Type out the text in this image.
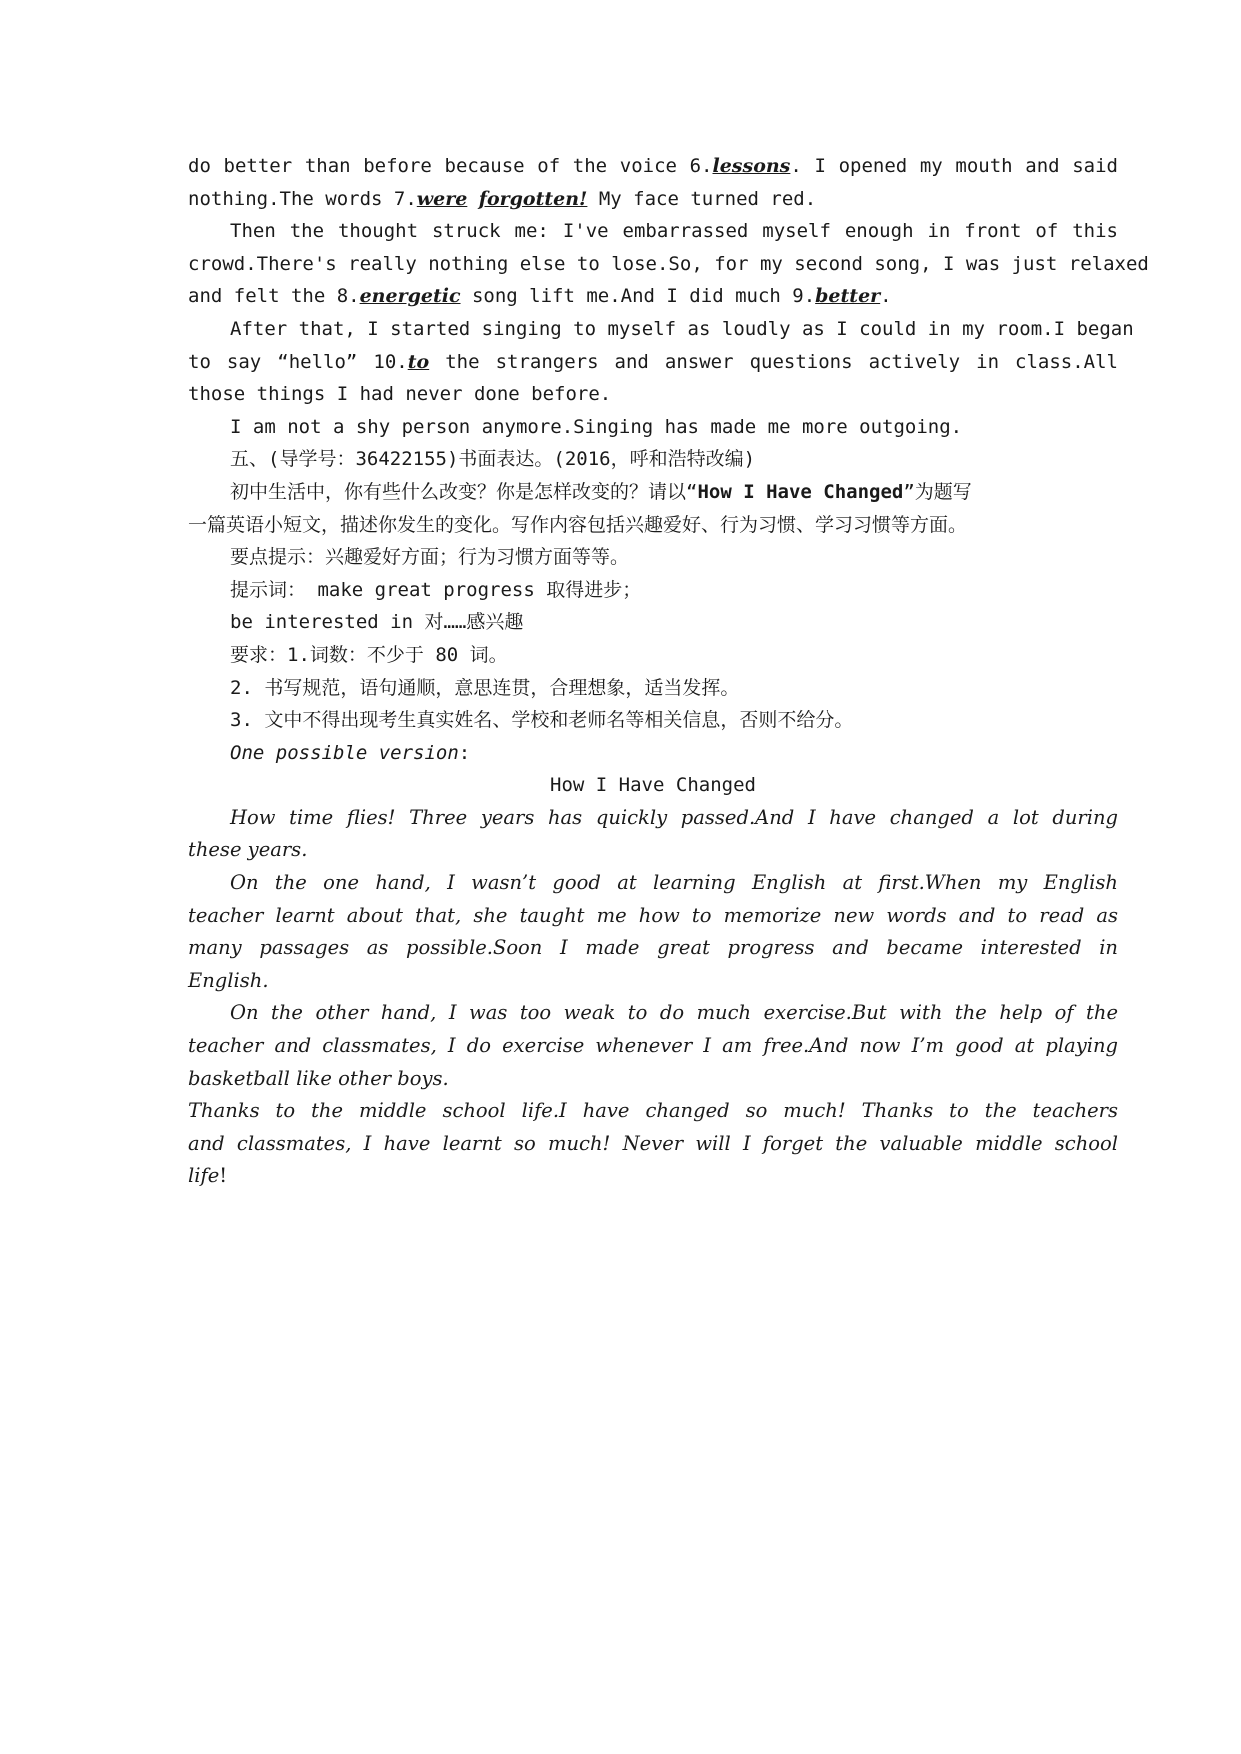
do better than before because of the voice 6.lessons. I opened my mouth and said
nothing.The words 7.were forgotten! My face turned red.
Then the thought struck me: I've embarrassed myself enough in front of this
crowd.There's really nothing else to lose.So, for my second song, I was just relaxed
and felt the 8.energetic song lift me.And I did much 9.better.
After that, I started singing to myself as loudly as I could in my room.I began
to say “hello” 10.to the strangers and answer questions actively in class.All
those things I had never done before.
I am not a shy person anymore.Singing has made me more outgoing.
五、(导学号：36422155)书面表达。(2016，呼和浩特改编)
初中生活中，你有些什么改变？你是怎样改变的？请以“How I Have Changed”为题写
一篇英语小短文，描述你发生的变化。写作内容包括兴趣爱好、行为习惯、学习习惯等方面。
要点提示：兴趣爱好方面；行为习惯方面等等。
提示词： make great progress 取得进步；
be interested in 对……感兴趣
要求：1.词数：不少于 80 词。
2. 书写规范，语句通顺，意思连贯，合理想象，适当发挥。
3. 文中不得出现考生真实姓名、学校和老师名等相关信息，否则不给分。
One possible version:
How I Have Changed
How time flies! Three years has quickly passed.And I have changed a lot during
these years.
On the one hand, I wasn’t good at learning English at first.When my English
teacher learnt about that, she taught me how to memorize new words and to read as
many passages as possible.Soon I made great progress and became interested in
English.
On the other hand, I was too weak to do much exercise.But with the help of the
teacher and classmates, I do exercise whenever I am free.And now I’m good at playing
basketball like other boys.
Thanks to the middle school life.I have changed so much! Thanks to the teachers
and classmates, I have learnt so much! Never will I forget the valuable middle school
life!
